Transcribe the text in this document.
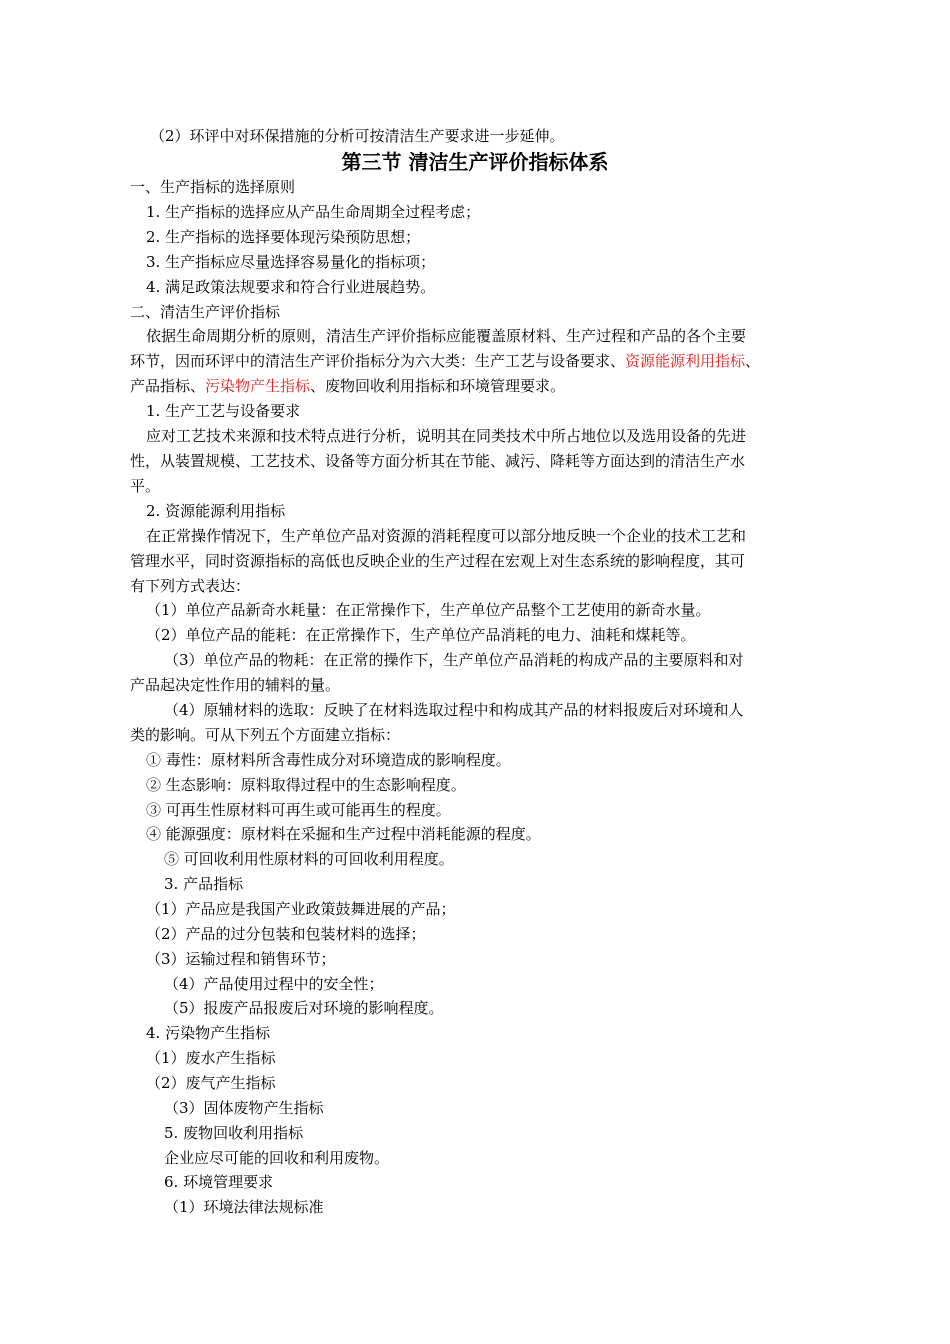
（2）环评中对环保措施的分析可按清洁生产要求进一步延伸。
第三节 清洁生产评价指标体系
一、生产指标的选择原则
1. 生产指标的选择应从产品生命周期全过程考虑；
2. 生产指标的选择要体现污染预防思想；
3. 生产指标应尽量选择容易量化的指标项；
4. 满足政策法规要求和符合行业进展趋势。
二、清洁生产评价指标
依据生命周期分析的原则，清洁生产评价指标应能覆盖原材料、生产过程和产品的各个主要
环节，因而环评中的清洁生产评价指标分为六大类：生产工艺与设备要求、资源能源利用指标、
产品指标、污染物产生指标、废物回收利用指标和环境管理要求。
1. 生产工艺与设备要求
应对工艺技术来源和技术特点进行分析，说明其在同类技术中所占地位以及选用设备的先进
性，从装置规模、工艺技术、设备等方面分析其在节能、减污、降耗等方面达到的清洁生产水
平。
2. 资源能源利用指标
在正常操作情况下，生产单位产品对资源的消耗程度可以部分地反映一个企业的技术工艺和
管理水平，同时资源指标的高低也反映企业的生产过程在宏观上对生态系统的影响程度，其可
有下列方式表达：
（1）单位产品新奇水耗量：在正常操作下，生产单位产品整个工艺使用的新奇水量。
（2）单位产品的能耗：在正常操作下，生产单位产品消耗的电力、油耗和煤耗等。
（3）单位产品的物耗：在正常的操作下，生产单位产品消耗的构成产品的主要原料和对
产品起决定性作用的辅料的量。
（4）原辅材料的选取：反映了在材料选取过程中和构成其产品的材料报废后对环境和人
类的影响。可从下列五个方面建立指标：
① 毒性：原材料所含毒性成分对环境造成的影响程度。
② 生态影响：原料取得过程中的生态影响程度。
③ 可再生性原材料可再生或可能再生的程度。
④ 能源强度：原材料在采掘和生产过程中消耗能源的程度。
⑤ 可回收利用性原材料的可回收利用程度。
3. 产品指标
（1）产品应是我国产业政策鼓舞进展的产品；
（2）产品的过分包装和包装材料的选择；
（3）运输过程和销售环节；
（4）产品使用过程中的安全性；
（5）报废产品报废后对环境的影响程度。
4. 污染物产生指标
（1）废水产生指标
（2）废气产生指标
（3）固体废物产生指标
5. 废物回收利用指标
企业应尽可能的回收和利用废物。
6. 环境管理要求
（1）环境法律法规标准
